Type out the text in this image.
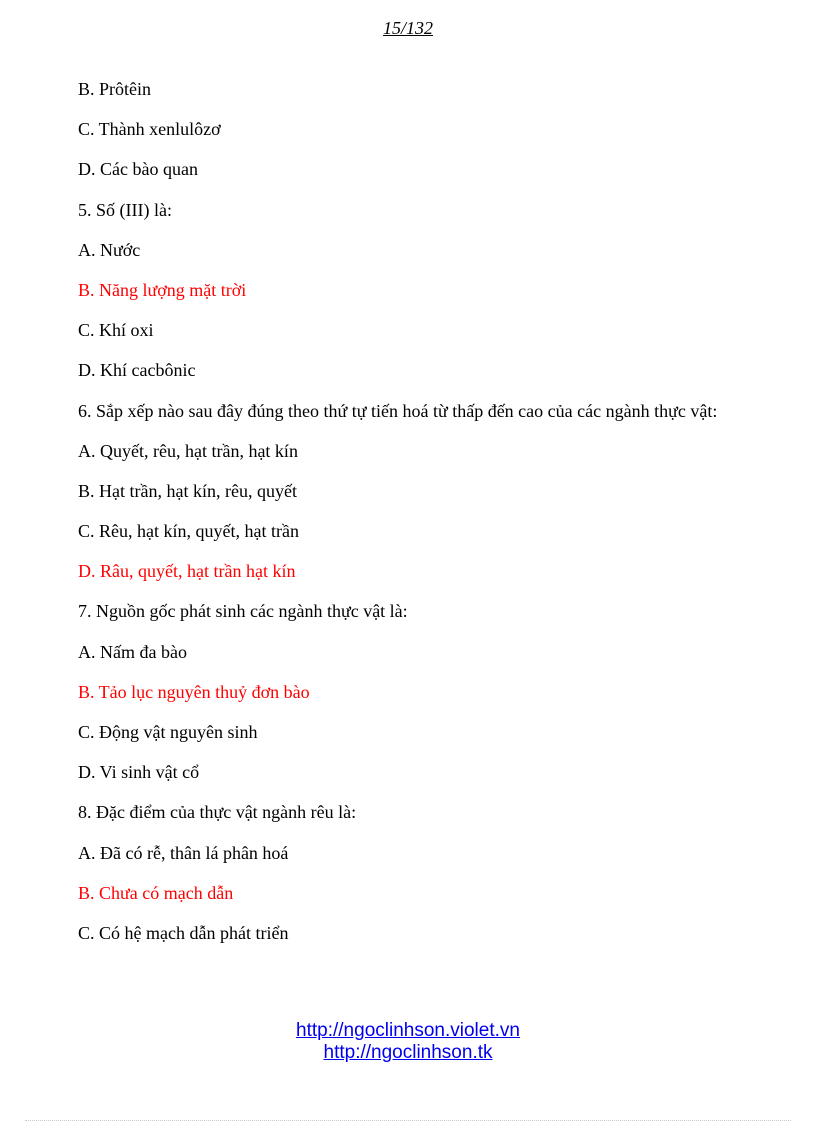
15/132
B. Prôtêin
C. Thành xenlulôzơ
D. Các bào quan
5. Số (III) là:
A. Nước
B. Năng lượng mặt trời
C. Khí oxi
D. Khí cacbônic
6. Sắp xếp nào sau đây đúng theo thứ tự tiến hoá từ thấp đến cao của các ngành thực vật:
A. Quyết, rêu, hạt trần, hạt kín
B. Hạt trần, hạt kín, rêu, quyết
C. Rêu, hạt kín, quyết, hạt trần
D. Râu, quyết, hạt trần hạt kín
7. Nguồn gốc phát sinh các ngành thực vật là:
A. Nấm đa bào
B. Tảo lục nguyên thuỷ đơn bào
C. Động vật nguyên sinh
D. Vi sinh vật cổ
8. Đặc điểm của thực vật ngành rêu là:
A. Đã có rễ, thân lá phân hoá
B. Chưa có mạch dẫn
C. Có hệ mạch dẫn phát triển
http://ngoclinhson.violet.vn
http://ngoclinhson.tk
